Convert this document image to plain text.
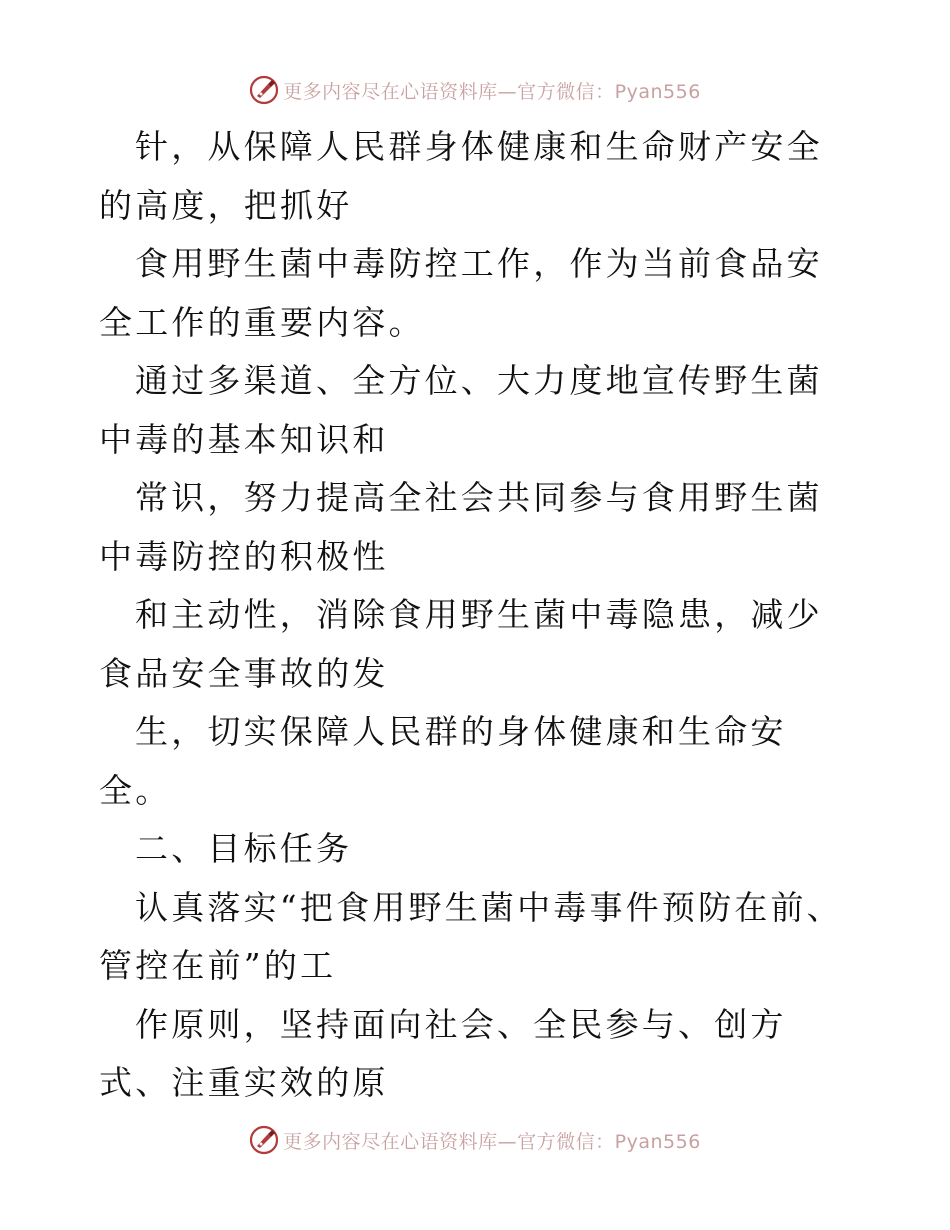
更多内容尽在心语资料库—官方微信：Pyan556

针，从保障人民群身体健康和生命财产安全的高度，把抓好

食用野生菌中毒防控工作，作为当前食品安全工作的重要内容。

通过多渠道、全方位、大力度地宣传野生菌中毒的基本知识和

常识，努力提高全社会共同参与食用野生菌中毒防控的积极性

和主动性，消除食用野生菌中毒隐患，减少食品安全事故的发

生，切实保障人民群的身体健康和生命安全。

二、目标任务

认真落实“把食用野生菌中毒事件预防在前、管控在前”的工

作原则，坚持面向社会、全民参与、创方式、注重实效的原

更多内容尽在心语资料库—官方微信：Pyan556
